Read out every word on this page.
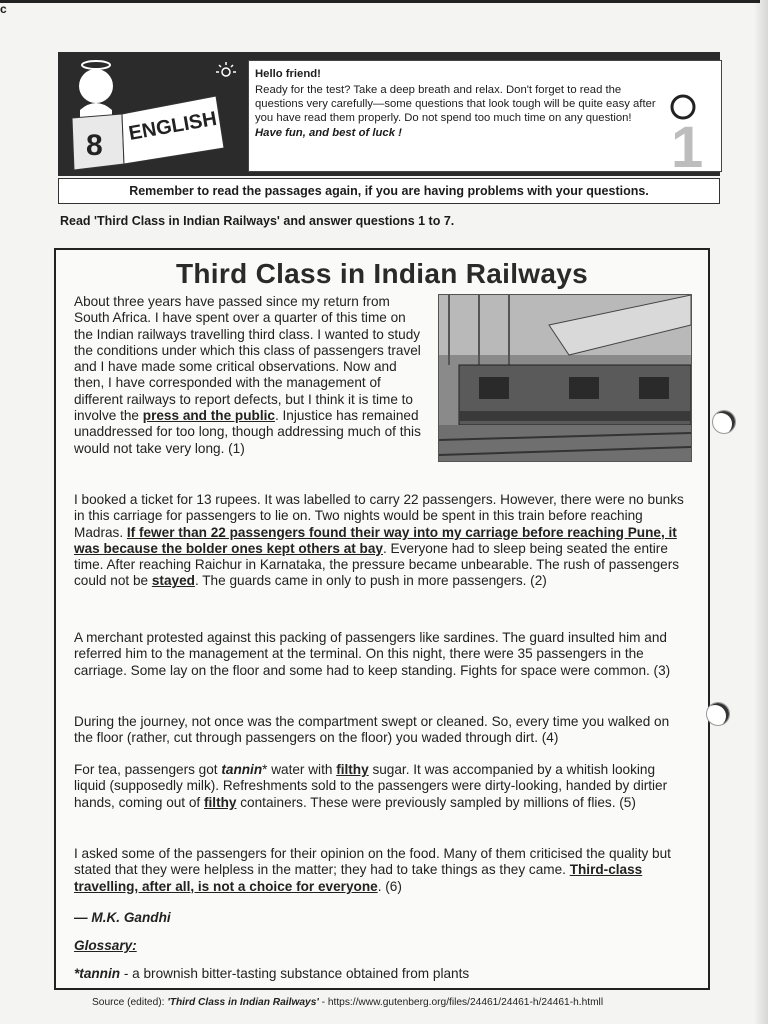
c
8
ENGLISH
Hello friend!
Ready for the test? Take a deep breath and relax. Don't forget to read the questions very carefully—some questions that look tough will be quite easy after you have read them properly. Do not spend too much time on any question!
Have fun, and best of luck !	1
Remember to read the passages again, if you are having problems with your questions.
Read 'Third Class in Indian Railways' and answer questions 1 to 7.
Third Class in Indian Railways
About three years have passed since my return from South Africa. I have spent over a quarter of this time on the Indian railways travelling third class. I wanted to study the conditions under which this class of passengers travel and I have made some critical observations. Now and then, I have corresponded with the management of different railways to report defects, but I think it is time to involve the press and the public. Injustice has remained unaddressed for too long, though addressing much of this would not take very long. (1)
I booked a ticket for 13 rupees. It was labelled to carry 22 passengers. However, there were no bunks in this carriage for passengers to lie on. Two nights would be spent in this train before reaching Madras. If fewer than 22 passengers found their way into my carriage before reaching Pune, it was because the bolder ones kept others at bay. Everyone had to sleep being seated the entire time. After reaching Raichur in Karnataka, the pressure became unbearable. The rush of passengers could not be stayed. The guards came in only to push in more passengers. (2)
A merchant protested against this packing of passengers like sardines. The guard insulted him and referred him to the management at the terminal. On this night, there were 35 passengers in the carriage. Some lay on the floor and some had to keep standing. Fights for space were common. (3)
During the journey, not once was the compartment swept or cleaned. So, every time you walked on the floor (rather, cut through passengers on the floor) you waded through dirt. (4)
For tea, passengers got tannin* water with filthy sugar. It was accompanied by a whitish looking liquid (supposedly milk). Refreshments sold to the passengers were dirty-looking, handed by dirtier hands, coming out of filthy containers. These were previously sampled by millions of flies. (5)
I asked some of the passengers for their opinion on the food. Many of them criticised the quality but stated that they were helpless in the matter; they had to take things as they came. Third-class travelling, after all, is not a choice for everyone. (6)
— M.K. Gandhi
Glossary:
*tannin - a brownish bitter-tasting substance obtained from plants
Source (edited): 'Third Class in Indian Railways' - https://www.gutenberg.org/files/24461/24461-h/24461-h.htmll
